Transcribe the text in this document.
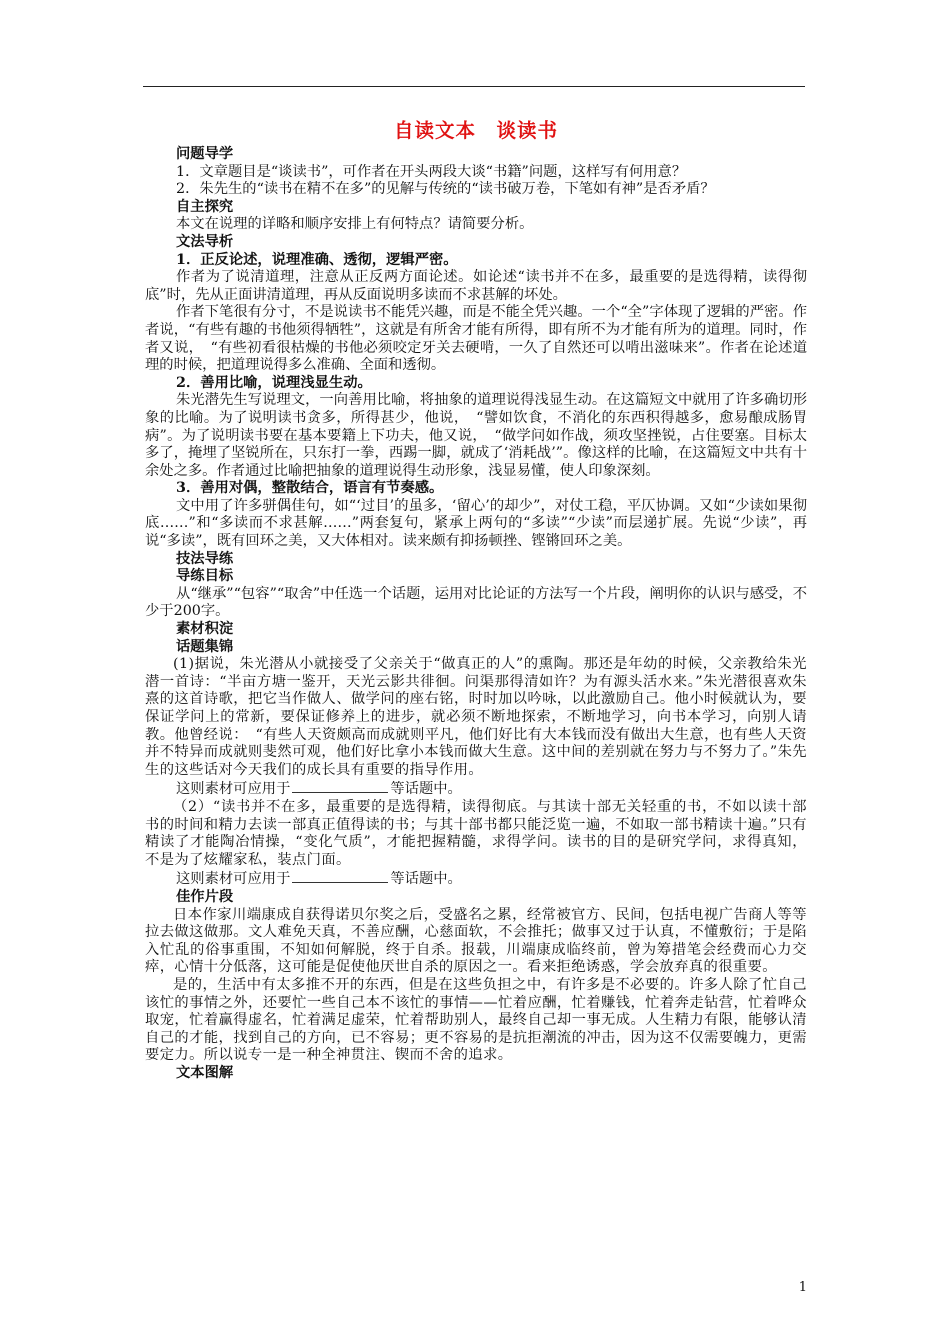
自读文本　谈读书

问题导学

1．文章题目是“谈读书”，可作者在开头两段大谈“书籍”问题，这样写有何用意？

2．朱先生的“读书在精不在多”的见解与传统的“读书破万卷，下笔如有神”是否矛盾？

自主探究

本文在说理的详略和顺序安排上有何特点？请简要分析。

文法导析

1．正反论述，说理准确、透彻，逻辑严密。

作者为了说清道理，注意从正反两方面论述。如论述“读书并不在多，最重要的是选得精，读得彻底”时，先从正面讲清道理，再从反面说明多读而不求甚解的坏处。

作者下笔很有分寸，不是说读书不能凭兴趣，而是不能全凭兴趣。一个“全”字体现了逻辑的严密。作者说，“有些有趣的书他须得牺牲”，这就是有所舍才能有所得，即有所不为才能有所为的道理。同时，作者又说，　“有些初看很枯燥的书他必须咬定牙关去硬啃，一久了自然还可以啃出滋味来”。作者在论述道理的时候，把道理说得多么准确、全面和透彻。

2．善用比喻，说理浅显生动。

朱光潜先生写说理文，一向善用比喻，将抽象的道理说得浅显生动。在这篇短文中就用了许多确切形象的比喻。为了说明读书贪多，所得甚少，他说，　“譬如饮食，不消化的东西积得越多，愈易酿成肠胃病”。为了说明读书要在基本要籍上下功夫，他又说，　“做学问如作战，须攻坚挫锐，占住要塞。目标太多了，掩埋了坚锐所在，只东打一拳，西踢一脚，就成了‘消耗战’”。像这样的比喻，在这篇短文中共有十余处之多。作者通过比喻把抽象的道理说得生动形象，浅显易懂，使人印象深刻。

3．善用对偶，整散结合，语言有节奏感。

文中用了许多骈偶佳句，如“‘过目’的虽多，‘留心’的却少”，对仗工稳，平仄协调。又如“少读如果彻底……”和“多读而不求甚解……”两套复句，紧承上两句的“多读”“少读”而层递扩展。先说“少读”，再说“多读”，既有回环之美，又大体相对。读来颇有抑扬顿挫、铿锵回环之美。

技法导练

导练目标

从“继承”“包容”“取舍”中任选一个话题，运用对比论证的方法写一个片段，阐明你的认识与感受，不少于200字。

素材积淀

话题集锦

(1)据说，朱光潜从小就接受了父亲关于“做真正的人”的熏陶。那还是年幼的时候，父亲教给朱光潜一首诗：“半亩方塘一鉴开，天光云影共徘徊。问渠那得清如许？为有源头活水来。”朱光潜很喜欢朱熹的这首诗歌，把它当作做人、做学问的座右铭，时时加以吟咏，以此激励自己。他小时候就认为，要保证学问上的常新，要保证修养上的进步，就必须不断地探索，不断地学习，向书本学习，向别人请教。他曾经说：　“有些人天资颇高而成就则平凡，他们好比有大本钱而没有做出大生意，也有些人天资并不特异而成就则斐然可观，他们好比拿小本钱而做大生意。这中间的差别就在努力与不努力了。”朱先生的这些话对今天我们的成长具有重要的指导作用。

这则素材可应用于	等话题中。

（2）“读书并不在多，最重要的是选得精，读得彻底。与其读十部无关轻重的书，不如以读十部书的时间和精力去读一部真正值得读的书；与其十部书都只能泛览一遍，不如取一部书精读十遍。”只有精读了才能陶冶情操，“变化气质”，才能把握精髓，求得学问。读书的目的是研究学问，求得真知，不是为了炫耀家私，装点门面。

这则素材可应用于	等话题中。

佳作片段

日本作家川端康成自获得诺贝尔奖之后，受盛名之累，经常被官方、民间，包括电视广告商人等等拉去做这做那。文人难免天真，不善应酬，心慈面软，不会推托；做事又过于认真，不懂敷衍；于是陷入忙乱的俗事重围，不知如何解脱，终于自杀。报载，川端康成临终前，曾为筹措笔会经费而心力交瘁，心情十分低落，这可能是促使他厌世自杀的原因之一。看来拒绝诱惑，学会放弃真的很重要。

是的，生活中有太多推不开的东西，但是在这些负担之中，有许多是不必要的。许多人除了忙自己该忙的事情之外，还要忙一些自己本不该忙的事情——忙着应酬，忙着赚钱，忙着奔走钻营，忙着哗众取宠，忙着赢得虚名，忙着满足虚荣，忙着帮助别人，最终自己却一事无成。人生精力有限，能够认清自己的才能，找到自己的方向，已不容易；更不容易的是抗拒潮流的冲击，因为这不仅需要魄力，更需要定力。所以说专一是一种全神贯注、锲而不舍的追求。

文本图解

1
